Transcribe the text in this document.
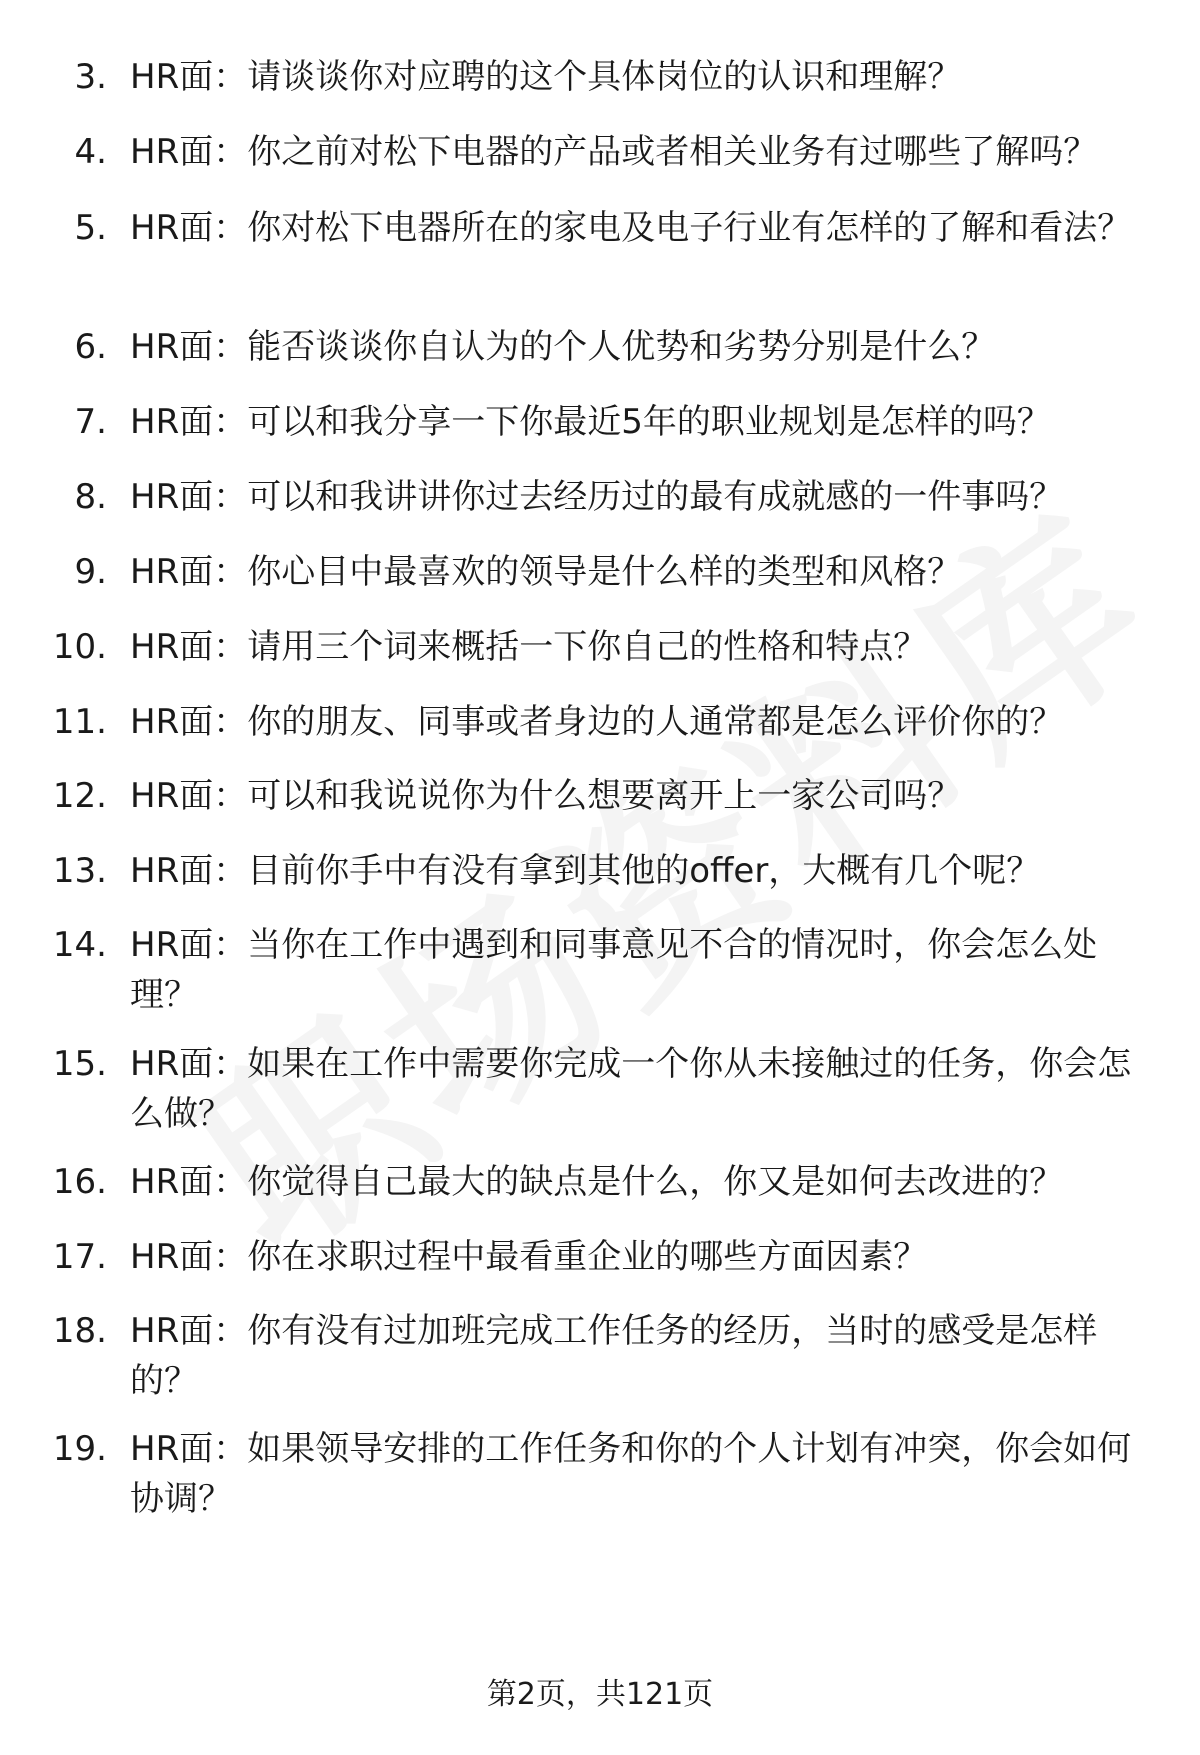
3. HR面：请谈谈你对应聘的这个具体岗位的认识和理解？
4. HR面：你之前对松下电器的产品或者相关业务有过哪些了解吗？
5. HR面：你对松下电器所在的家电及电子行业有怎样的了解和看法？
6. HR面：能否谈谈你自认为的个人优势和劣势分别是什么？
7. HR面：可以和我分享一下你最近5年的职业规划是怎样的吗？
8. HR面：可以和我讲讲你过去经历过的最有成就感的一件事吗？
9. HR面：你心目中最喜欢的领导是什么样的类型和风格？
10. HR面：请用三个词来概括一下你自己的性格和特点？
11. HR面：你的朋友、同事或者身边的人通常都是怎么评价你的？
12. HR面：可以和我说说你为什么想要离开上一家公司吗？
13. HR面：目前你手中有没有拿到其他的offer，大概有几个呢？
14. HR面：当你在工作中遇到和同事意见不合的情况时，你会怎么处理？
15. HR面：如果在工作中需要你完成一个你从未接触过的任务，你会怎么做？
16. HR面：你觉得自己最大的缺点是什么，你又是如何去改进的？
17. HR面：你在求职过程中最看重企业的哪些方面因素？
18. HR面：你有没有过加班完成工作任务的经历，当时的感受是怎样的？
19. HR面：如果领导安排的工作任务和你的个人计划有冲突，你会如何协调？
第2页，共121页
